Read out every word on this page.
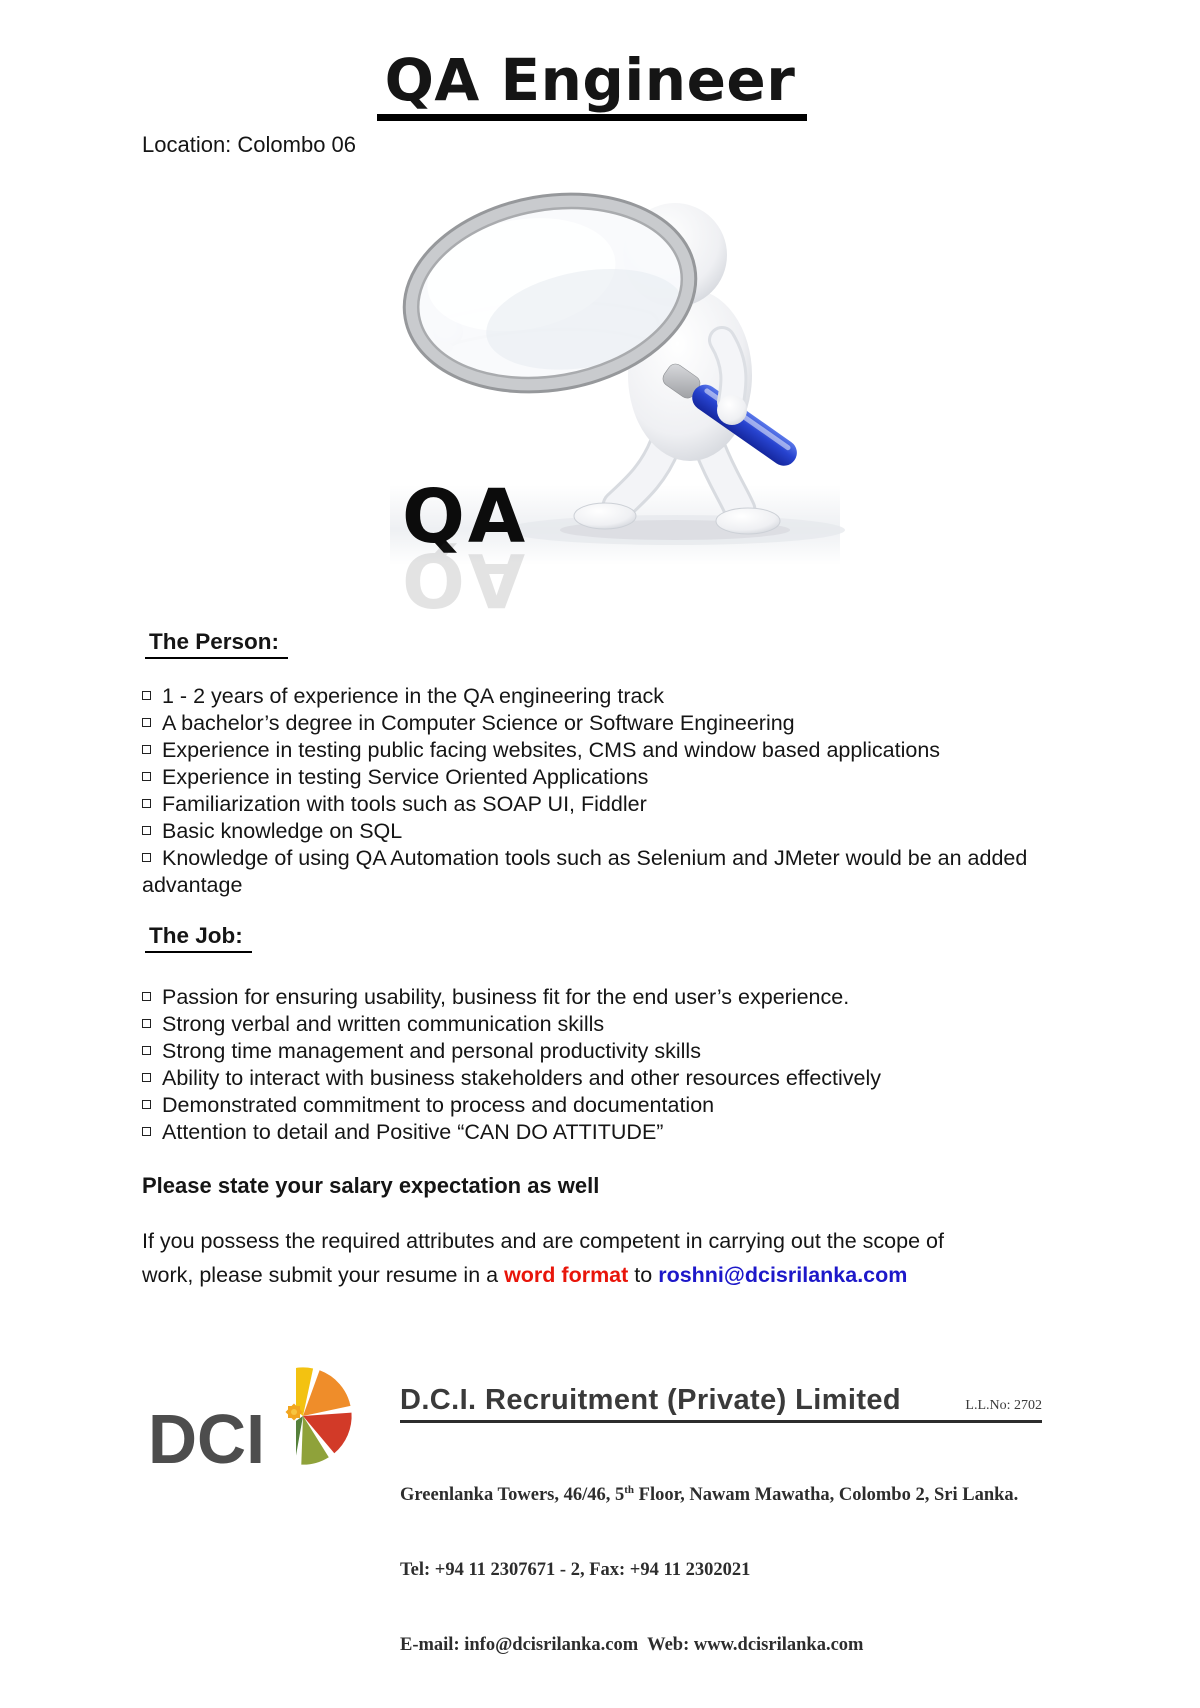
QA Engineer
Location: Colombo 06
QA
QA
The Person:
1 - 2 years of experience in the QA engineering track
A bachelor’s degree in Computer Science or Software Engineering
Experience in testing public facing websites, CMS and window based applications
Experience in testing Service Oriented Applications
Familiarization with tools such as SOAP UI, Fiddler
Basic knowledge on SQL
Knowledge of using QA Automation tools such as Selenium and JMeter would be an added advantage
The Job:
Passion for ensuring usability, business fit for the end user’s experience.
Strong verbal and written communication skills
Strong time management and personal productivity skills
Ability to interact with business stakeholders and other resources effectively
Demonstrated commitment to process and documentation
Attention to detail and Positive “CAN DO ATTITUDE”
Please state your salary expectation as well
If you possess the required attributes and are competent in carrying out the scope of
work, please submit your resume in a word format to roshni@dcisrilanka.com
DCI	D.C.I. Recruitment (Private) Limited	L.L.No: 2702

Greenlanka Towers, 46/46, 5th Floor, Nawam Mawatha, Colombo 2, Sri Lanka.

Tel: +94 11 2307671 - 2, Fax: +94 11 2302021

E-mail: info@dcisrilanka.com  Web: www.dcisrilanka.com
